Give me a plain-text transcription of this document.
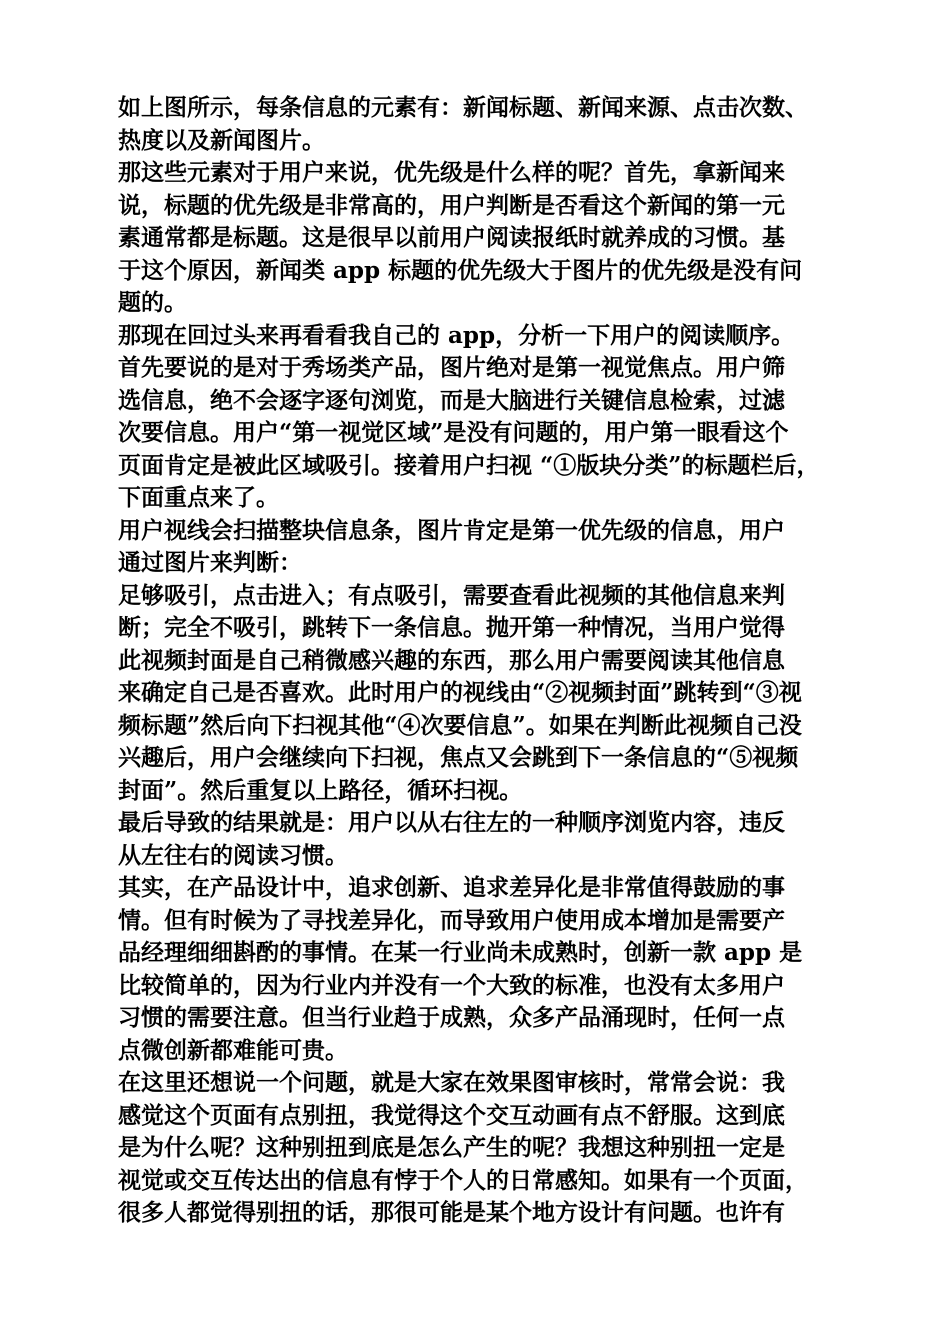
如上图所示，每条信息的元素有：新闻标题、新闻来源、点击次数、
热度以及新闻图片。
那这些元素对于用户来说，优先级是什么样的呢？首先，拿新闻来
说，标题的优先级是非常高的，用户判断是否看这个新闻的第一元
素通常都是标题。这是很早以前用户阅读报纸时就养成的习惯。基
于这个原因，新闻类 app 标题的优先级大于图片的优先级是没有问
题的。
那现在回过头来再看看我自己的 app，分析一下用户的阅读顺序。
首先要说的是对于秀场类产品，图片绝对是第一视觉焦点。用户筛
选信息，绝不会逐字逐句浏览，而是大脑进行关键信息检索，过滤
次要信息。用户“第一视觉区域”是没有问题的，用户第一眼看这个
页面肯定是被此区域吸引。接着用户扫视 “①版块分类”的标题栏后，
下面重点来了。
用户视线会扫描整块信息条，图片肯定是第一优先级的信息，用户
通过图片来判断：
足够吸引，点击进入；有点吸引，需要查看此视频的其他信息来判
断；完全不吸引，跳转下一条信息。抛开第一种情况，当用户觉得
此视频封面是自己稍微感兴趣的东西，那么用户需要阅读其他信息
来确定自己是否喜欢。此时用户的视线由“②视频封面”跳转到“③视
频标题”然后向下扫视其他“④次要信息”。如果在判断此视频自己没
兴趣后，用户会继续向下扫视，焦点又会跳到下一条信息的“⑤视频
封面”。然后重复以上路径，循环扫视。
最后导致的结果就是：用户以从右往左的一种顺序浏览内容，违反
从左往右的阅读习惯。
其实，在产品设计中，追求创新、追求差异化是非常值得鼓励的事
情。但有时候为了寻找差异化，而导致用户使用成本增加是需要产
品经理细细斟酌的事情。在某一行业尚未成熟时，创新一款 app 是
比较简单的，因为行业内并没有一个大致的标准，也没有太多用户
习惯的需要注意。但当行业趋于成熟，众多产品涌现时，任何一点
点微创新都难能可贵。
在这里还想说一个问题，就是大家在效果图审核时，常常会说：我
感觉这个页面有点别扭，我觉得这个交互动画有点不舒服。这到底
是为什么呢？这种别扭到底是怎么产生的呢？我想这种别扭一定是
视觉或交互传达出的信息有悖于个人的日常感知。如果有一个页面，
很多人都觉得别扭的话，那很可能是某个地方设计有问题。也许有
